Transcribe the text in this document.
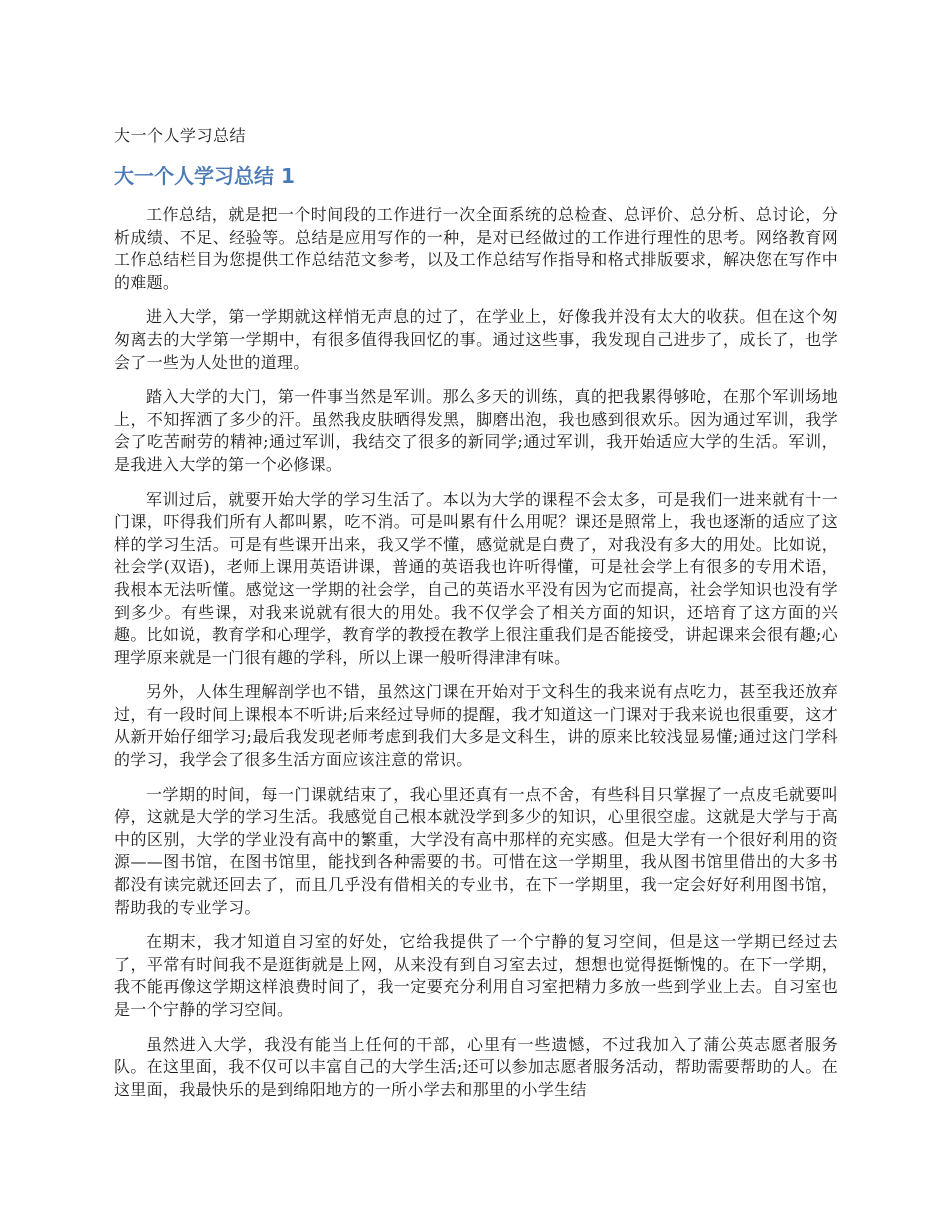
大一个人学习总结
大一个人学习总结 1

工作总结，就是把一个时间段的工作进行一次全面系统的总检查、总评价、总分析、总讨论，分析成绩、不足、经验等。总结是应用写作的一种，是对已经做过的工作进行理性的思考。网络教育网工作总结栏目为您提供工作总结范文参考，以及工作总结写作指导和格式排版要求，解决您在写作中的难题。

进入大学，第一学期就这样悄无声息的过了，在学业上，好像我并没有太大的收获。但在这个匆匆离去的大学第一学期中，有很多值得我回忆的事。通过这些事，我发现自己进步了，成长了，也学会了一些为人处世的道理。

踏入大学的大门，第一件事当然是军训。那么多天的训练，真的把我累得够呛，在那个军训场地上，不知挥洒了多少的汗。虽然我皮肤晒得发黑，脚磨出泡，我也感到很欢乐。因为通过军训，我学会了吃苦耐劳的精神;通过军训，我结交了很多的新同学;通过军训，我开始适应大学的生活。军训，是我进入大学的第一个必修课。

军训过后，就要开始大学的学习生活了。本以为大学的课程不会太多，可是我们一进来就有十一门课，吓得我们所有人都叫累，吃不消。可是叫累有什么用呢？课还是照常上，我也逐渐的适应了这样的学习生活。可是有些课开出来，我又学不懂，感觉就是白费了，对我没有多大的用处。比如说，社会学(双语)，老师上课用英语讲课，普通的英语我也许听得懂，可是社会学上有很多的专用术语，我根本无法听懂。感觉这一学期的社会学，自己的英语水平没有因为它而提高，社会学知识也没有学到多少。有些课，对我来说就有很大的用处。我不仅学会了相关方面的知识，还培育了这方面的兴趣。比如说，教育学和心理学，教育学的教授在教学上很注重我们是否能接受，讲起课来会很有趣;心理学原来就是一门很有趣的学科，所以上课一般听得津津有味。

另外，人体生理解剖学也不错，虽然这门课在开始对于文科生的我来说有点吃力，甚至我还放弃过，有一段时间上课根本不听讲;后来经过导师的提醒，我才知道这一门课对于我来说也很重要，这才从新开始仔细学习;最后我发现老师考虑到我们大多是文科生，讲的原来比较浅显易懂;通过这门学科的学习，我学会了很多生活方面应该注意的常识。

一学期的时间，每一门课就结束了，我心里还真有一点不舍，有些科目只掌握了一点皮毛就要叫停，这就是大学的学习生活。我感觉自己根本就没学到多少的知识，心里很空虚。这就是大学与于高中的区别，大学的学业没有高中的繁重，大学没有高中那样的充实感。但是大学有一个很好利用的资源——图书馆，在图书馆里，能找到各种需要的书。可惜在这一学期里，我从图书馆里借出的大多书都没有读完就还回去了，而且几乎没有借相关的专业书，在下一学期里，我一定会好好利用图书馆，帮助我的专业学习。

在期末，我才知道自习室的好处，它给我提供了一个宁静的复习空间，但是这一学期已经过去了，平常有时间我不是逛街就是上网，从来没有到自习室去过，想想也觉得挺惭愧的。在下一学期，我不能再像这学期这样浪费时间了，我一定要充分利用自习室把精力多放一些到学业上去。自习室也是一个宁静的学习空间。

虽然进入大学，我没有能当上任何的干部，心里有一些遗憾，不过我加入了蒲公英志愿者服务队。在这里面，我不仅可以丰富自己的大学生活;还可以参加志愿者服务活动，帮助需要帮助的人。在这里面，我最快乐的是到绵阳地方的一所小学去和那里的小学生结
